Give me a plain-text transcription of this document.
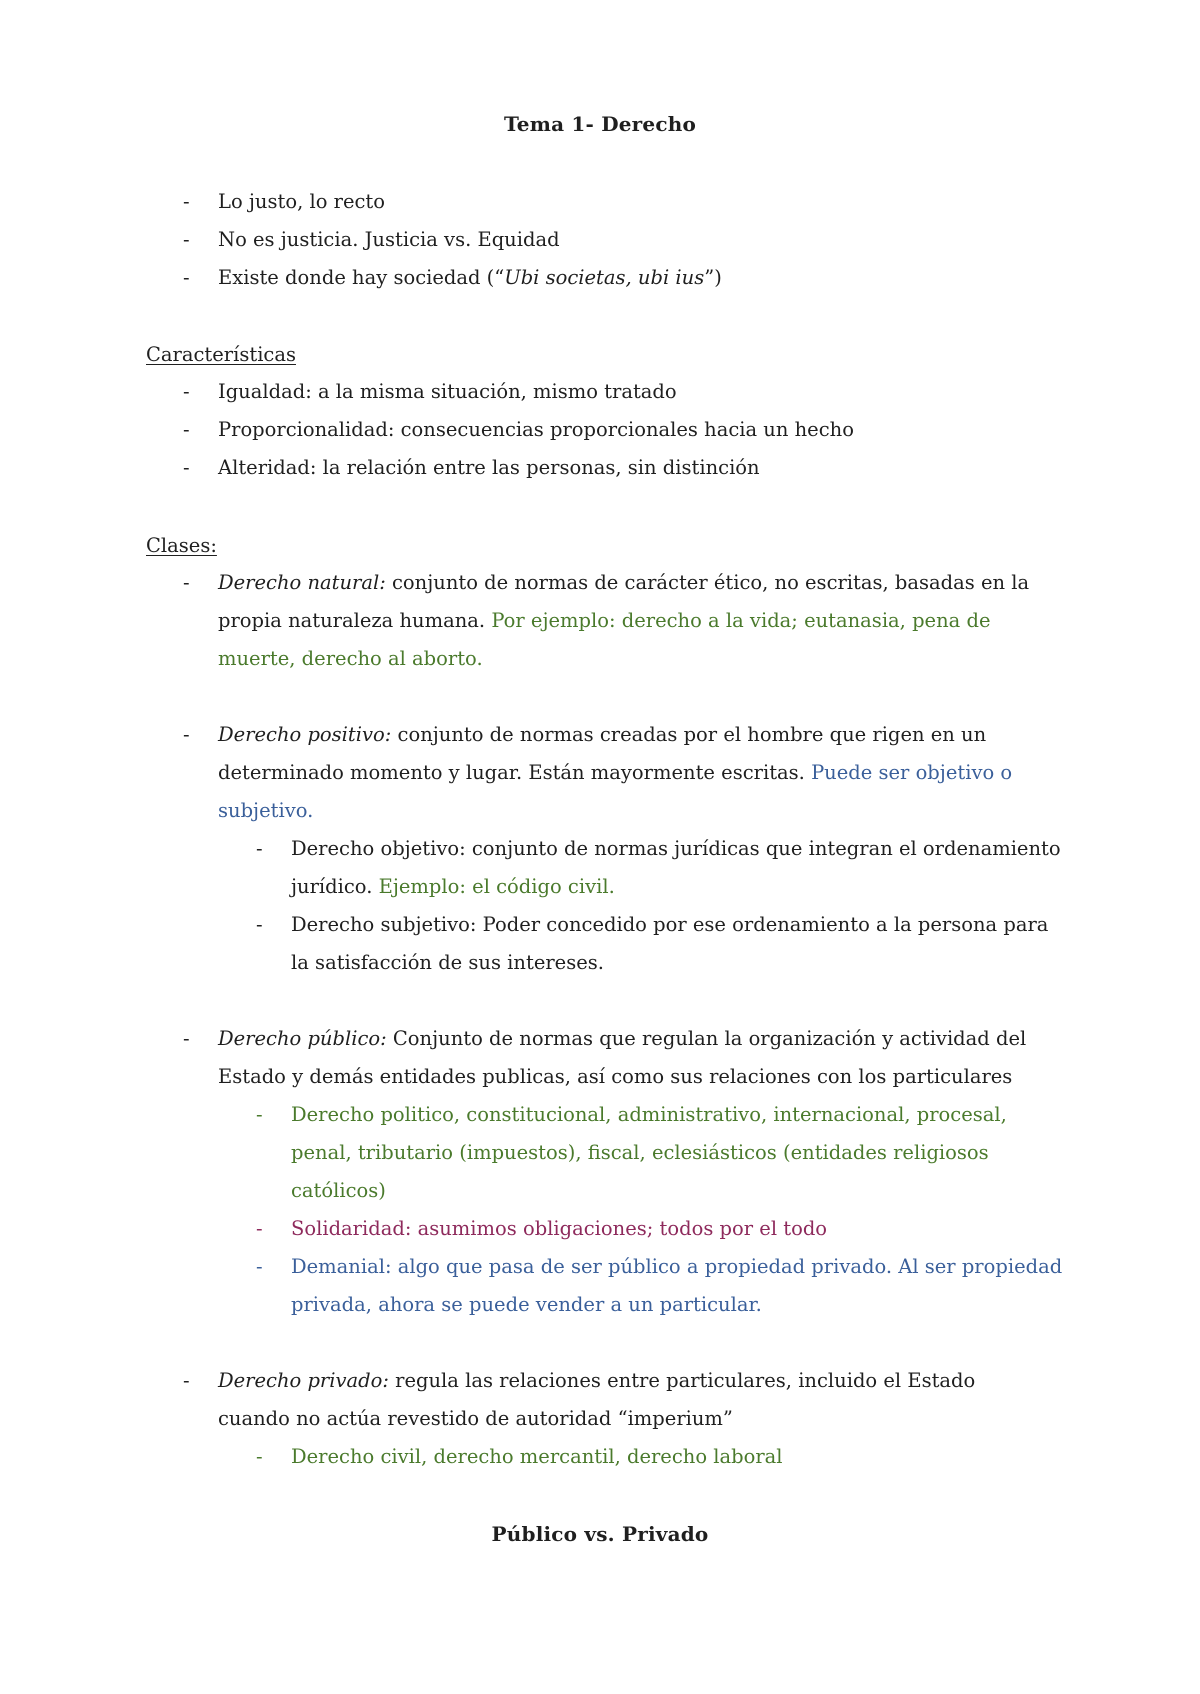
Tema 1- Derecho
- Lo justo, lo recto
- No es justicia. Justicia vs. Equidad
- Existe donde hay sociedad (“Ubi societas, ubi ius”)
Características
- Igualdad: a la misma situación, mismo tratado
- Proporcionalidad: consecuencias proporcionales hacia un hecho
- Alteridad: la relación entre las personas, sin distinción
Clases:
- Derecho natural: conjunto de normas de carácter ético, no escritas, basadas en la propia naturaleza humana. Por ejemplo: derecho a la vida; eutanasia, pena de muerte, derecho al aborto.
- Derecho positivo: conjunto de normas creadas por el hombre que rigen en un determinado momento y lugar. Están mayormente escritas. Puede ser objetivo o subjetivo.
- Derecho objetivo: conjunto de normas jurídicas que integran el ordenamiento jurídico. Ejemplo: el código civil.
- Derecho subjetivo: Poder concedido por ese ordenamiento a la persona para la satisfacción de sus intereses.
- Derecho público: Conjunto de normas que regulan la organización y actividad del Estado y demás entidades publicas, así como sus relaciones con los particulares
- Derecho politico, constitucional, administrativo, internacional, procesal, penal, tributario (impuestos), fiscal, eclesiásticos (entidades religiosos católicos)
- Solidaridad: asumimos obligaciones; todos por el todo
- Demanial: algo que pasa de ser público a propiedad privado. Al ser propiedad privada, ahora se puede vender a un particular.
- Derecho privado: regula las relaciones entre particulares, incluido el Estado cuando no actúa revestido de autoridad “imperium”
- Derecho civil, derecho mercantil, derecho laboral
Público vs. Privado
